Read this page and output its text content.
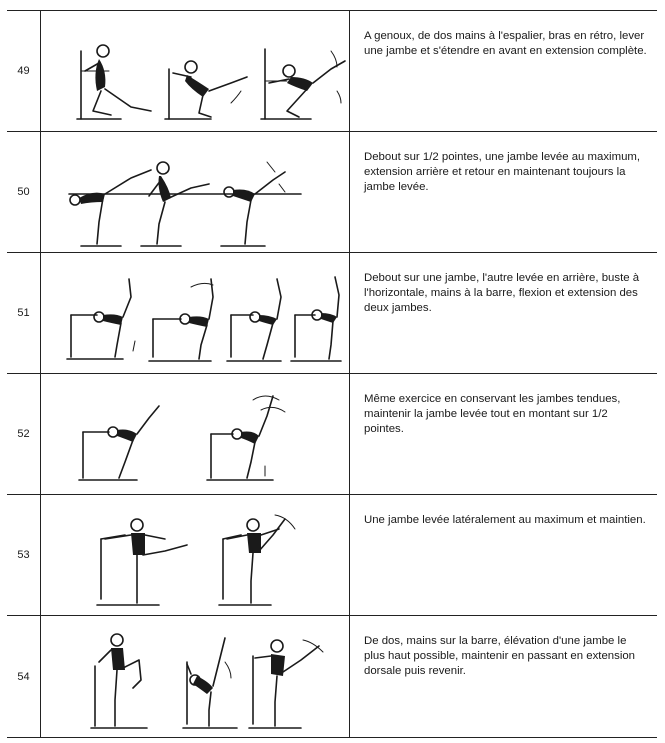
49
A genoux, de dos mains à l'espalier, bras en rétro, lever une jambe et s'étendre en avant en extension complète.
50
Debout sur 1/2 pointes, une jambe levée au maximum, extension arrière et retour en maintenant toujours la jambe levée.
51
Debout sur une jambe, l'autre levée en arrière, buste à l'horizontale, mains à la barre, flexion et extension des deux jambes.
52
Même exercice en conservant les jambes tendues, maintenir la jambe levée tout en montant sur 1/2 pointes.
53
Une jambe levée latéralement au maximum et maintien.
54
De dos, mains sur la barre, élévation d'une jambe le plus haut possible, maintenir en passant en extension dorsale puis revenir.
